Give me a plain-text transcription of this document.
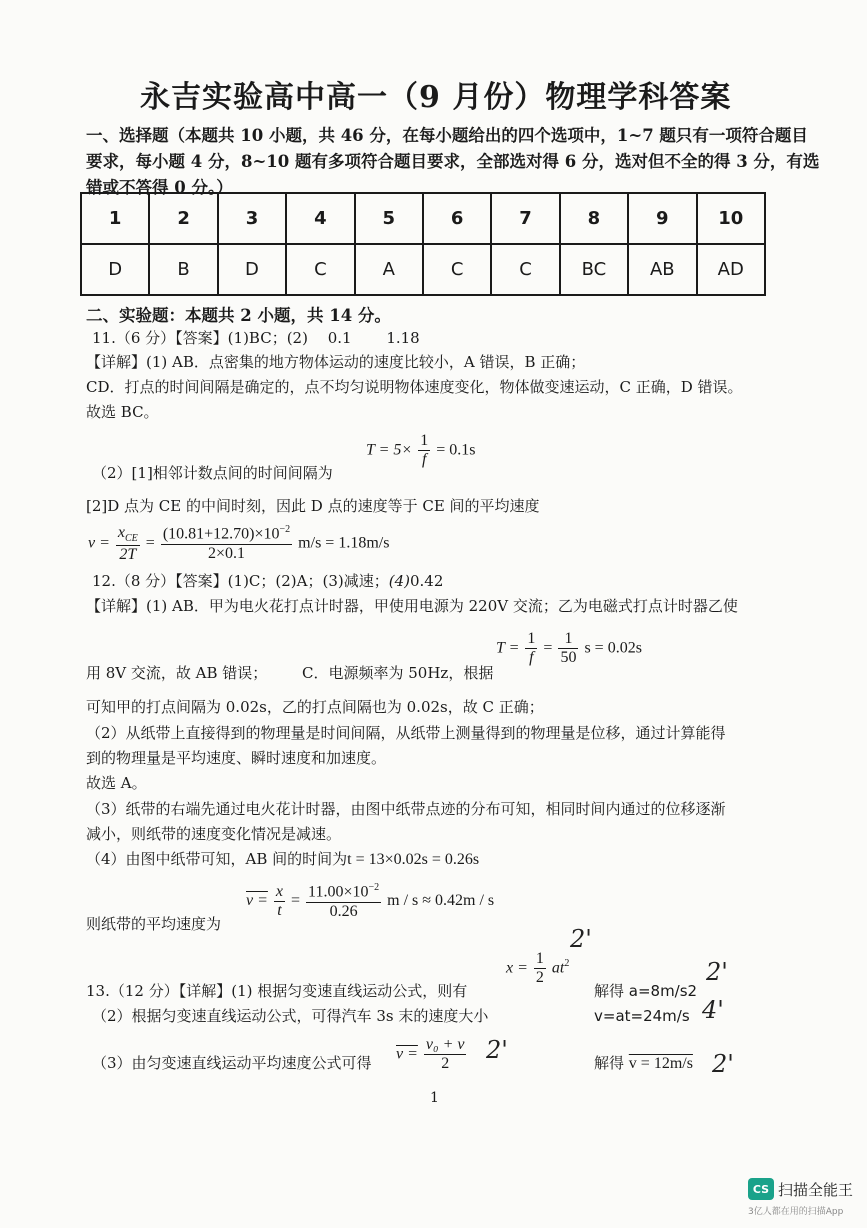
永吉实验高中高一（9 月份）物理学科答案
一、选择题（本题共 10 小题，共 46 分，在每小题给出的四个选项中，1~7 题只有一项符合题目
要求，每小题 4 分，8~10 题有多项符合题目要求，全部选对得 6 分，选对但不全的得 3 分，有选
错或不答得 0 分。）
1	2	3	4	5	6	7	8	9	10
D	B	D	C	A	C	C	BC	AB	AD
二、实验题：本题共 2 小题，共 14 分。
11.（6 分）【答案】(1)BC；(2)　 0.1　　 1.18
【详解】(1) AB．点密集的地方物体运动的速度比较小，A 错误，B 正确；
CD．打点的时间间隔是确定的，点不均匀说明物体速度变化，物体做变速运动，C 正确，D 错误。
故选 BC。
$T = 5\times \frac{1}{f} = 0.1s$
（2）[1]相邻计数点间的时间间隔为
[2]D 点为 CE 的中间时刻，因此 D 点的速度等于 CE 间的平均速度
$v = \frac{x_{CE}}{2T} = \frac{(10.81+12.70)\times 10^{-2}}{2\times 0.1} m/s = 1.18m/s$
12.（8 分）【答案】(1)C；(2)A；(3)减速；(4)0.42
【详解】(1) AB．甲为电火花打点计时器，甲使用电源为 220V 交流；乙为电磁式打点计时器乙使
$T = \frac{1}{f} = \frac{1}{50}$ s = 0.02s
用 8V 交流，故 AB 错误； C．电源频率为 50Hz，根据
可知甲的打点间隔为 0.02s，乙的打点间隔也为 0.02s，故 C 正确；
（2）从纸带上直接得到的物理量是时间间隔，从纸带上测量得到的物理量是位移，通过计算能得
到的物理量是平均速度、瞬时速度和加速度。
故选 A。
（3）纸带的右端先通过电火花计时器，由图中纸带点迹的分布可知，相同时间内通过的位移逐渐
减小，则纸带的速度变化情况是减速。
（4）由图中纸带可知，AB 间的时间为t = 13×0.02s = 0.26s
$v = \frac{x}{t} = \frac{11.00\times 10^{-2}}{0.26}$ m / s ≈ 0.42m / s
则纸带的平均速度为
$x = \frac{1}{2} at^2$
13.（12 分）【详解】(1) 根据匀变速直线运动公式，则有	解得 a=8m/s2
（2）根据匀变速直线运动公式，可得汽车 3s 末的速度大小	v=at=24m/s
$v = \frac{\text{v₀ + v}}{2}$
（3）由匀变速直线运动平均速度公式可得	解得 v = 12m/s
2'
2'
4'
2'	2'
1
CS 扫描全能王
3亿人都在用的扫描App
